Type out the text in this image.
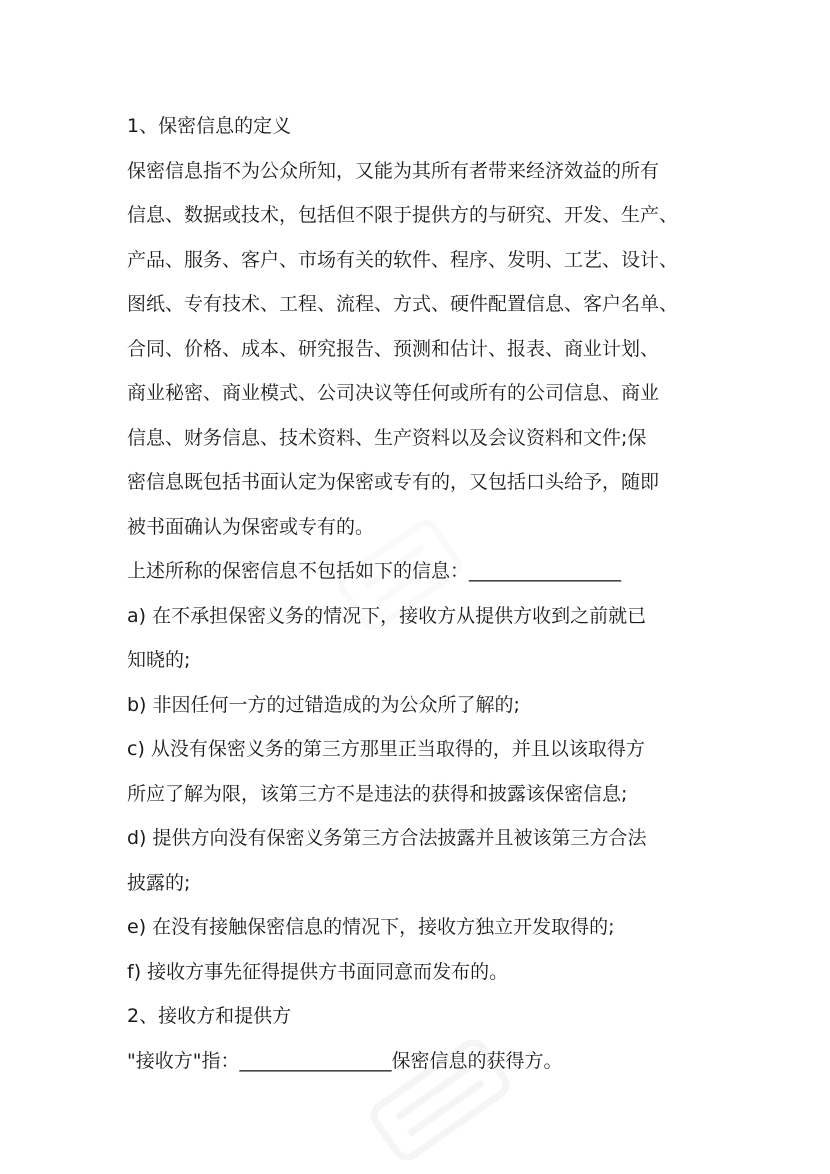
1、保密信息的定义
保密信息指不为公众所知，又能为其所有者带来经济效益的所有
信息、数据或技术，包括但不限于提供方的与研究、开发、生产、
产品、服务、客户、市场有关的软件、程序、发明、工艺、设计、
图纸、专有技术、工程、流程、方式、硬件配置信息、客户名单、
合同、价格、成本、研究报告、预测和估计、报表、商业计划、
商业秘密、商业模式、公司决议等任何或所有的公司信息、商业
信息、财务信息、技术资料、生产资料以及会议资料和文件;保
密信息既包括书面认定为保密或专有的，又包括口头给予，随即
被书面确认为保密或专有的。
上述所称的保密信息不包括如下的信息：________________
a) 在不承担保密义务的情况下，接收方从提供方收到之前就已
知晓的;
b) 非因任何一方的过错造成的为公众所了解的;
c) 从没有保密义务的第三方那里正当取得的，并且以该取得方
所应了解为限，该第三方不是违法的获得和披露该保密信息;
d) 提供方向没有保密义务第三方合法披露并且被该第三方合法
披露的;
e) 在没有接触保密信息的情况下，接收方独立开发取得的;
f) 接收方事先征得提供方书面同意而发布的。
2、接收方和提供方
"接收方"指：________________保密信息的获得方。
